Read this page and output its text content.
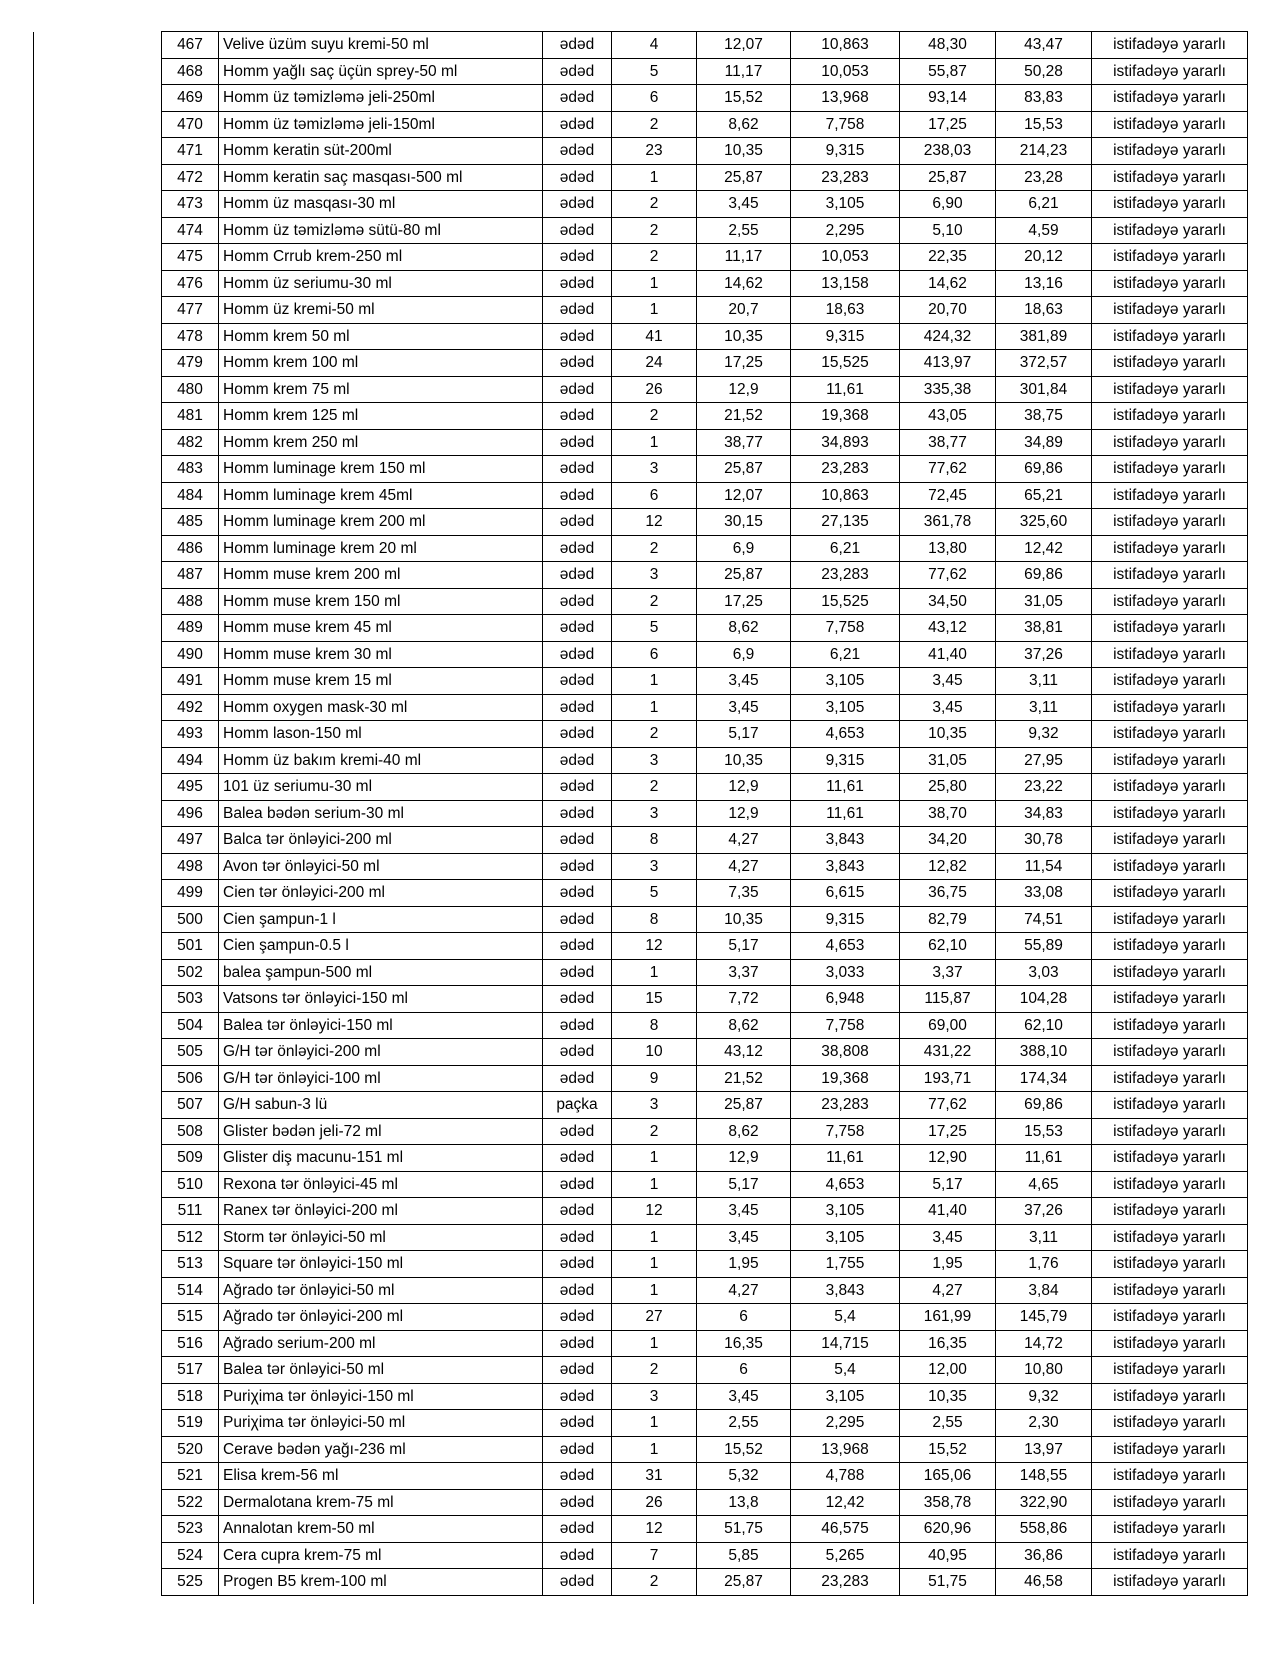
467	Velive üzüm suyu kremi-50 ml	ədəd	4	12,07	10,863	48,30	43,47	istifadəyə yararlı
468	Homm yağlı saç üçün sprey-50 ml	ədəd	5	11,17	10,053	55,87	50,28	istifadəyə yararlı
469	Homm üz təmizləmə jeli-250ml	ədəd	6	15,52	13,968	93,14	83,83	istifadəyə yararlı
470	Homm üz təmizləmə jeli-150ml	ədəd	2	8,62	7,758	17,25	15,53	istifadəyə yararlı
471	Homm keratin süt-200ml	ədəd	23	10,35	9,315	238,03	214,23	istifadəyə yararlı
472	Homm keratin saç masqası-500 ml	ədəd	1	25,87	23,283	25,87	23,28	istifadəyə yararlı
473	Homm üz masqası-30 ml	ədəd	2	3,45	3,105	6,90	6,21	istifadəyə yararlı
474	Homm üz təmizləmə sütü-80 ml	ədəd	2	2,55	2,295	5,10	4,59	istifadəyə yararlı
475	Homm Crrub krem-250 ml	ədəd	2	11,17	10,053	22,35	20,12	istifadəyə yararlı
476	Homm üz seriumu-30 ml	ədəd	1	14,62	13,158	14,62	13,16	istifadəyə yararlı
477	Homm üz kremi-50 ml	ədəd	1	20,7	18,63	20,70	18,63	istifadəyə yararlı
478	Homm krem 50 ml	ədəd	41	10,35	9,315	424,32	381,89	istifadəyə yararlı
479	Homm krem 100 ml	ədəd	24	17,25	15,525	413,97	372,57	istifadəyə yararlı
480	Homm krem 75 ml	ədəd	26	12,9	11,61	335,38	301,84	istifadəyə yararlı
481	Homm krem 125 ml	ədəd	2	21,52	19,368	43,05	38,75	istifadəyə yararlı
482	Homm krem 250 ml	ədəd	1	38,77	34,893	38,77	34,89	istifadəyə yararlı
483	Homm luminage krem 150 ml	ədəd	3	25,87	23,283	77,62	69,86	istifadəyə yararlı
484	Homm luminage krem 45ml	ədəd	6	12,07	10,863	72,45	65,21	istifadəyə yararlı
485	Homm luminage krem 200 ml	ədəd	12	30,15	27,135	361,78	325,60	istifadəyə yararlı
486	Homm luminage krem 20 ml	ədəd	2	6,9	6,21	13,80	12,42	istifadəyə yararlı
487	Homm muse krem 200 ml	ədəd	3	25,87	23,283	77,62	69,86	istifadəyə yararlı
488	Homm muse krem 150 ml	ədəd	2	17,25	15,525	34,50	31,05	istifadəyə yararlı
489	Homm muse krem 45 ml	ədəd	5	8,62	7,758	43,12	38,81	istifadəyə yararlı
490	Homm muse krem 30 ml	ədəd	6	6,9	6,21	41,40	37,26	istifadəyə yararlı
491	Homm muse krem 15 ml	ədəd	1	3,45	3,105	3,45	3,11	istifadəyə yararlı
492	Homm oxygen mask-30 ml	ədəd	1	3,45	3,105	3,45	3,11	istifadəyə yararlı
493	Homm lason-150 ml	ədəd	2	5,17	4,653	10,35	9,32	istifadəyə yararlı
494	Homm üz bakım kremi-40 ml	ədəd	3	10,35	9,315	31,05	27,95	istifadəyə yararlı
495	101 üz seriumu-30 ml	ədəd	2	12,9	11,61	25,80	23,22	istifadəyə yararlı
496	Balea bədən serium-30 ml	ədəd	3	12,9	11,61	38,70	34,83	istifadəyə yararlı
497	Balca tər önləyici-200 ml	ədəd	8	4,27	3,843	34,20	30,78	istifadəyə yararlı
498	Avon tər önləyici-50 ml	ədəd	3	4,27	3,843	12,82	11,54	istifadəyə yararlı
499	Cien tər önləyici-200 ml	ədəd	5	7,35	6,615	36,75	33,08	istifadəyə yararlı
500	Cien şampun-1 l	ədəd	8	10,35	9,315	82,79	74,51	istifadəyə yararlı
501	Cien şampun-0.5 l	ədəd	12	5,17	4,653	62,10	55,89	istifadəyə yararlı
502	balea şampun-500 ml	ədəd	1	3,37	3,033	3,37	3,03	istifadəyə yararlı
503	Vatsons tər önləyici-150 ml	ədəd	15	7,72	6,948	115,87	104,28	istifadəyə yararlı
504	Balea tər önləyici-150 ml	ədəd	8	8,62	7,758	69,00	62,10	istifadəyə yararlı
505	G/H tər önləyici-200 ml	ədəd	10	43,12	38,808	431,22	388,10	istifadəyə yararlı
506	G/H tər önləyici-100 ml	ədəd	9	21,52	19,368	193,71	174,34	istifadəyə yararlı
507	G/H sabun-3 lü	paçka	3	25,87	23,283	77,62	69,86	istifadəyə yararlı
508	Glister bədən jeli-72 ml	ədəd	2	8,62	7,758	17,25	15,53	istifadəyə yararlı
509	Glister diş macunu-151 ml	ədəd	1	12,9	11,61	12,90	11,61	istifadəyə yararlı
510	Rexona tər önləyici-45 ml	ədəd	1	5,17	4,653	5,17	4,65	istifadəyə yararlı
511	Ranex tər önləyici-200 ml	ədəd	12	3,45	3,105	41,40	37,26	istifadəyə yararlı
512	Storm tər önləyici-50 ml	ədəd	1	3,45	3,105	3,45	3,11	istifadəyə yararlı
513	Square tər önləyici-150 ml	ədəd	1	1,95	1,755	1,95	1,76	istifadəyə yararlı
514	Ağrado tər önləyici-50 ml	ədəd	1	4,27	3,843	4,27	3,84	istifadəyə yararlı
515	Ağrado tər önləyici-200 ml	ədəd	27	6	5,4	161,99	145,79	istifadəyə yararlı
516	Ağrado serium-200 ml	ədəd	1	16,35	14,715	16,35	14,72	istifadəyə yararlı
517	Balea tər önləyici-50 ml	ədəd	2	6	5,4	12,00	10,80	istifadəyə yararlı
518	Puriχima tər önləyici-150 ml	ədəd	3	3,45	3,105	10,35	9,32	istifadəyə yararlı
519	Puriχima tər önləyici-50 ml	ədəd	1	2,55	2,295	2,55	2,30	istifadəyə yararlı
520	Cerave bədən yağı-236 ml	ədəd	1	15,52	13,968	15,52	13,97	istifadəyə yararlı
521	Elisa krem-56 ml	ədəd	31	5,32	4,788	165,06	148,55	istifadəyə yararlı
522	Dermalotana krem-75 ml	ədəd	26	13,8	12,42	358,78	322,90	istifadəyə yararlı
523	Annalotan krem-50 ml	ədəd	12	51,75	46,575	620,96	558,86	istifadəyə yararlı
524	Cera cupra krem-75 ml	ədəd	7	5,85	5,265	40,95	36,86	istifadəyə yararlı
525	Progen B5 krem-100 ml	ədəd	2	25,87	23,283	51,75	46,58	istifadəyə yararlı
